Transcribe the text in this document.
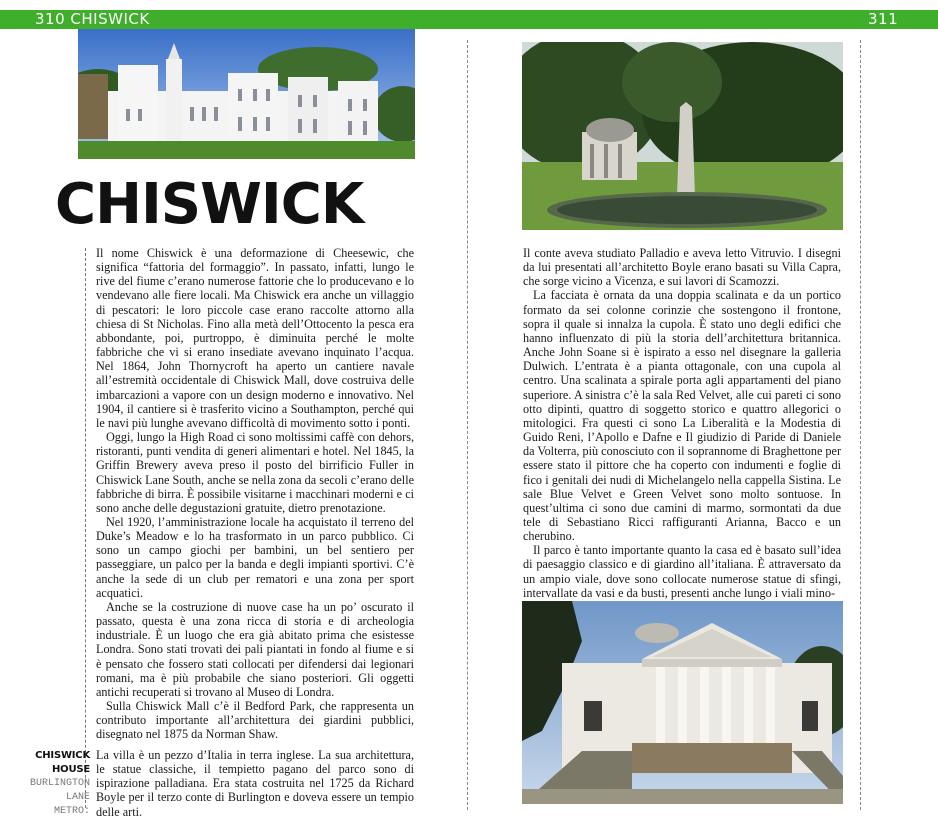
310 CHISWICK	311
CHISWICK

Il nome Chiswick è una deformazione di Cheesewic, che significa “fattoria del formaggio”. In passato, infatti, lungo le rive del fiume c’erano numerose fattorie che lo producevano e lo vendevano alle fiere locali. Ma Chiswick era anche un villaggio di pescatori: le loro piccole case erano raccolte attorno alla chiesa di St Nicholas. Fino alla metà dell’Ottocento la pesca era abbondante, poi, purtroppo, è diminuita perché le molte fabbriche che vi si erano insediate avevano inquinato l’acqua. Nel 1864, John Thornycroft ha aperto un cantiere navale all’estremità occidentale di Chiswick Mall, dove costruiva delle imbarcazioni a vapore con un design moderno e innovativo. Nel 1904, il cantiere si è trasferito vicino a Southampton, perché qui le navi più lunghe avevano difficoltà di movimento sotto i ponti.

Oggi, lungo la High Road ci sono moltissimi caffè con dehors, ristoranti, punti vendita di generi alimentari e hotel. Nel 1845, la Griffin Brewery aveva preso il posto del birrificio Fuller in Chiswick Lane South, anche se nella zona da secoli c’erano delle fabbriche di birra. È possibile visitarne i macchinari moderni e ci sono anche delle degustazioni gratuite, dietro prenotazione.

Nel 1920, l’amministrazione locale ha acquistato il terreno del Duke’s Meadow e lo ha trasformato in un parco pubblico. Ci sono un campo giochi per bambini, un bel sentiero per passeggiare, un palco per la banda e degli impianti sportivi. C’è anche la sede di un club per rematori e una zona per sport acquatici.

Anche se la costruzione di nuove case ha un po’ oscurato il passato, questa è una zona ricca di storia e di archeologia industriale. È un luogo che era già abitato prima che esistesse Londra. Sono stati trovati dei pali piantati in fondo al fiume e si è pensato che fossero stati collocati per difendersi dai legionari romani, ma è più probabile che siano posteriori. Gli oggetti antichi recuperati si trovano al Museo di Londra.

Sulla Chiswick Mall c’è il Bedford Park, che rappresenta un contributo importante all’architettura dei giardini pubblici, disegnato nel 1875 da Norman Shaw.

CHISWICK HOUSE
BURLINGTON
LANE
METRO:

La villa è un pezzo d’Italia in terra inglese. La sua architettura, le statue classiche, il tempietto pagano del parco sono di ispirazione palladiana. Era stata costruita nel 1725 da Richard Boyle per il terzo conte di Burlington e doveva essere un tempio delle arti.

Il conte aveva studiato Palladio e aveva letto Vitruvio. I disegni da lui presentati all’architetto Boyle erano basati su Villa Capra, che sorge vicino a Vicenza, e sui lavori di Scamozzi.

La facciata è ornata da una doppia scalinata e da un portico formato da sei colonne corinzie che sostengono il frontone, sopra il quale si innalza la cupola. È stato uno degli edifici che hanno influenzato di più la storia dell’architettura britannica. Anche John Soane si è ispirato a esso nel disegnare la galleria Dulwich. L’entrata è a pianta ottagonale, con una cupola al centro. Una scalinata a spirale porta agli appartamenti del piano superiore. A sinistra c’è la sala Red Velvet, alle cui pareti ci sono otto dipinti, quattro di soggetto storico e quattro allegorici o mitologici. Fra questi ci sono La Liberalità e la Modestia di Guido Reni, l’Apollo e Dafne e Il giudizio di Paride di Daniele da Volterra, più conosciuto con il soprannome di Braghettone per essere stato il pittore che ha coperto con indumenti e foglie di fico i genitali dei nudi di Michelangelo nella cappella Sistina. Le sale Blue Velvet e Green Velvet sono molto sontuose. In quest’ultima ci sono due camini di marmo, sormontati da due tele di Sebastiano Ricci raffiguranti Arianna, Bacco e un cherubino.

Il parco è tanto importante quanto la casa ed è basato sull’idea di paesaggio classico e di giardino all’italiana. È attraversato da un ampio viale, dove sono collocate numerose statue di sfingi, intervallate da vasi e da busti, presenti anche lungo i viali mino-
